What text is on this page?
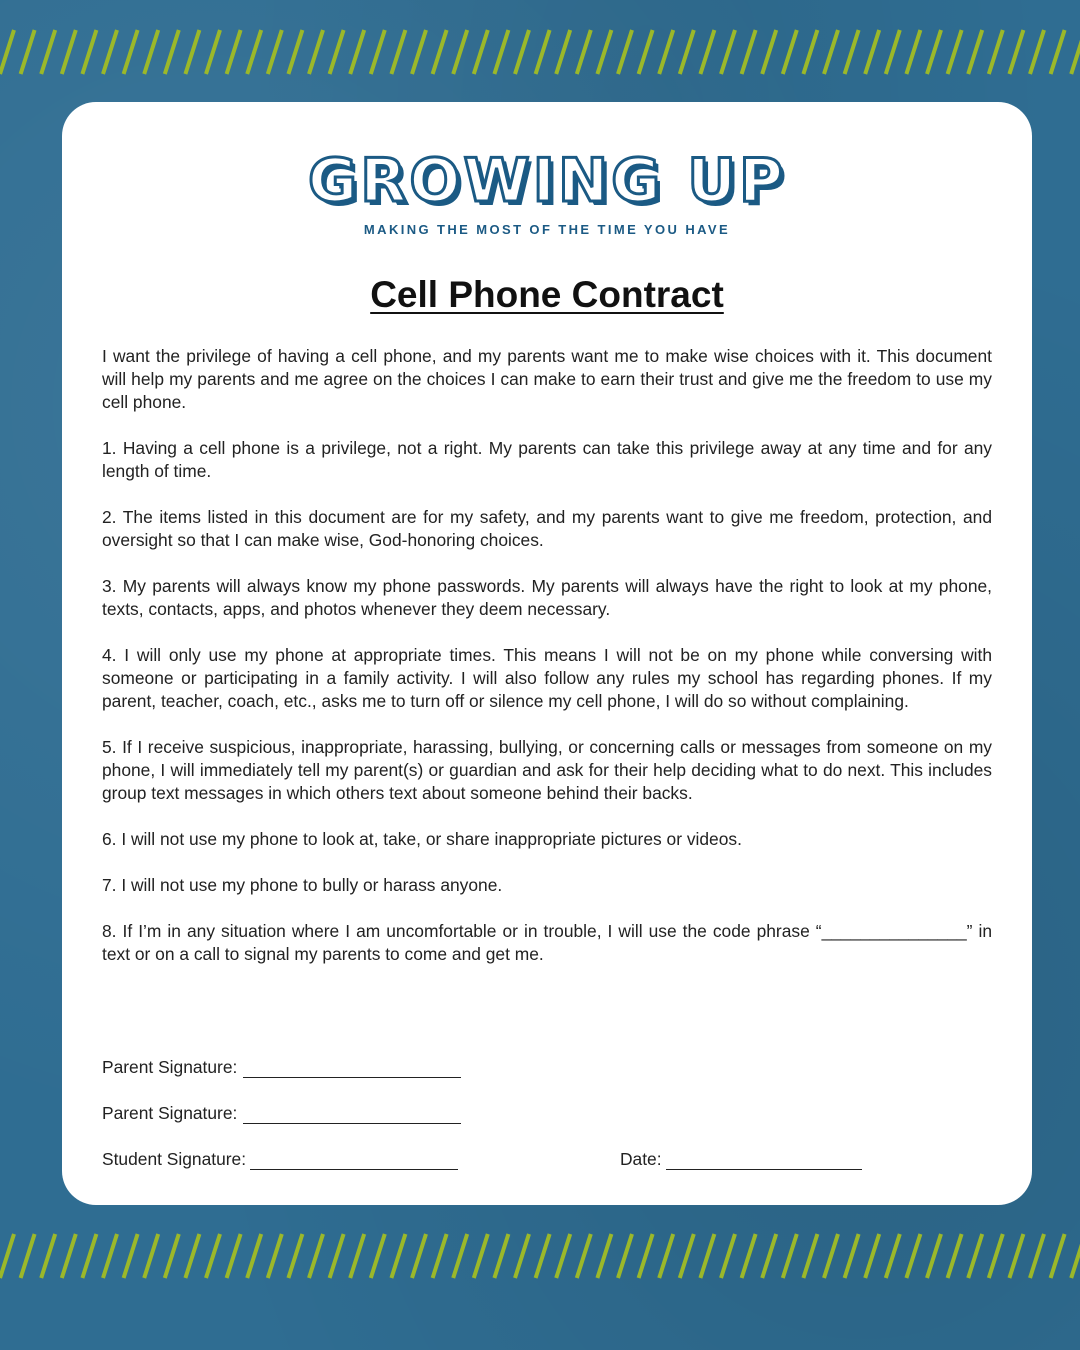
GROWING UP
MAKING THE MOST OF THE TIME YOU HAVE
Cell Phone Contract

I want the privilege of having a cell phone, and my parents want me to make wise choices with it. This document will help my parents and me agree on the choices I can make to earn their trust and give me the freedom to use my cell phone.

1. Having a cell phone is a privilege, not a right. My parents can take this privilege away at any time and for any length of time.

2. The items listed in this document are for my safety, and my parents want to give me freedom, protection, and oversight so that I can make wise, God-honoring choices.

3. My parents will always know my phone passwords. My parents will always have the right to look at my phone, texts, contacts, apps, and photos whenever they deem necessary.

4. I will only use my phone at appropriate times. This means I will not be on my phone while conversing with someone or participating in a family activity. I will also follow any rules my school has regarding phones. If my parent, teacher, coach, etc., asks me to turn off or silence my cell phone, I will do so without complaining.

5. If I receive suspicious, inappropriate, harassing, bullying, or concerning calls or messages from someone on my phone, I will immediately tell my parent(s) or guardian and ask for their help deciding what to do next. This includes group text messages in which others text about someone behind their backs.

6. I will not use my phone to look at, take, or share inappropriate pictures or videos.

7. I will not use my phone to bully or harass anyone.

8. If I’m in any situation where I am uncomfortable or in trouble, I will use the code phrase “_______________” in text or on a call to signal my parents to come and get me.

Parent Signature:
Parent Signature:
Student Signature:	Date:
